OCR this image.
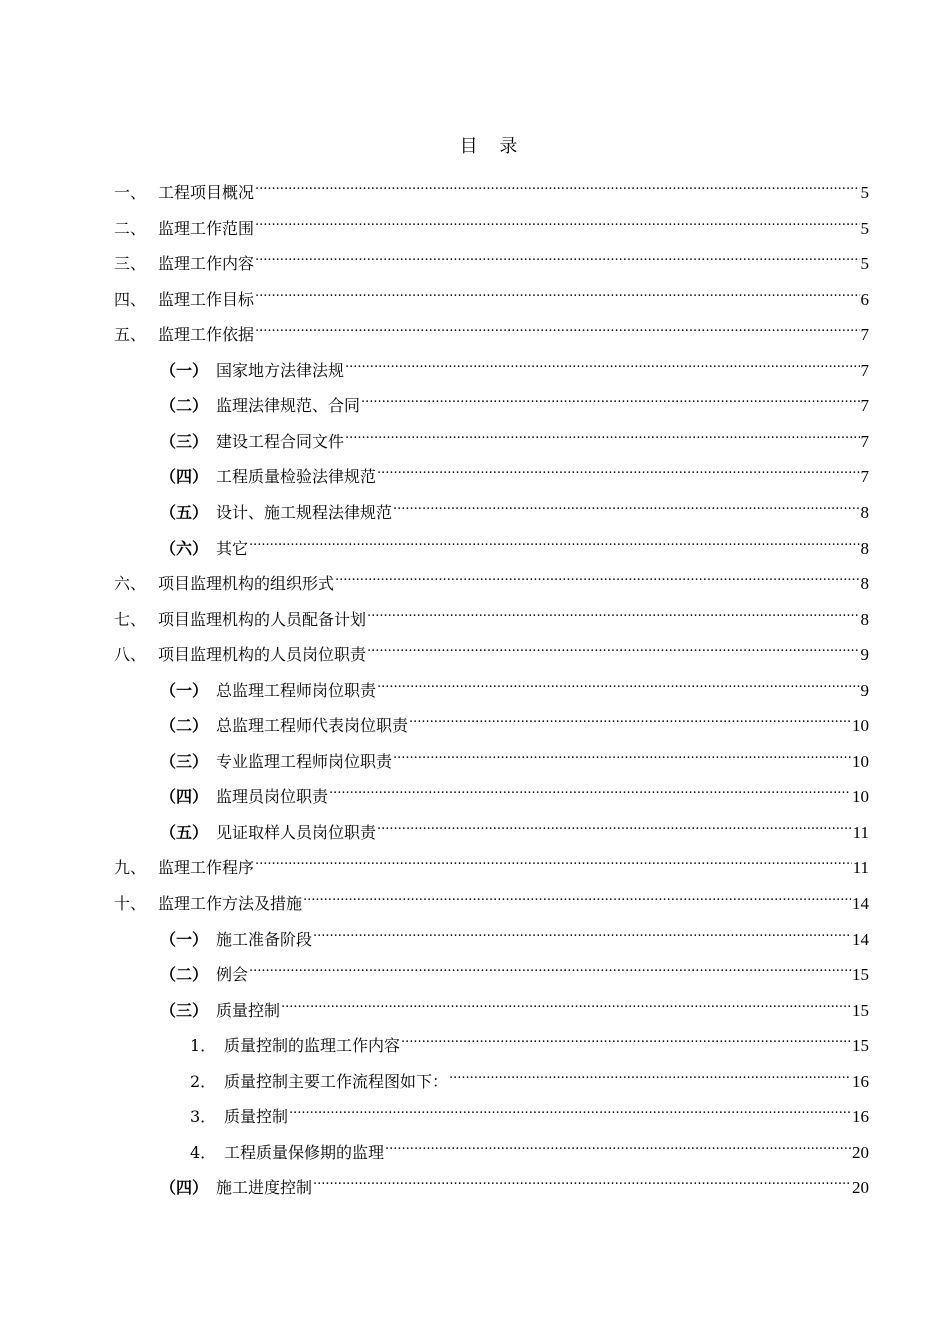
目 录
一、 工程项目概况 .....	5
二、 监理工作范围 .....	5
三、 监理工作内容 .....	5
四、 监理工作目标 .....	6
五、 监理工作依据 .....	7
（一） 国家地方法律法规 .....	7
（二） 监理法律规范、合同 .....	7
（三） 建设工程合同文件 .....	7
（四） 工程质量检验法律规范 .....	7
（五） 设计、施工规程法律规范 .....	8
（六） 其它 .....	8
六、 项目监理机构的组织形式 .....	8
七、 项目监理机构的人员配备计划 .....	8
八、 项目监理机构的人员岗位职责 .....	9
（一） 总监理工程师岗位职责 .....	9
（二） 总监理工程师代表岗位职责 .....	10
（三） 专业监理工程师岗位职责 .....	10
（四） 监理员岗位职责 .....	10
（五） 见证取样人员岗位职责 .....	11
九、 监理工作程序 .....	11
十、 监理工作方法及措施 .....	14
（一） 施工准备阶段 .....	14
（二） 例会 .....	15
（三） 质量控制 .....	15
1． 质量控制的监理工作内容 .....	15
2． 质量控制主要工作流程图如下： .....	16
3． 质量控制 .....	16
4． 工程质量保修期的监理 .....	20
（四） 施工进度控制 .....	20
